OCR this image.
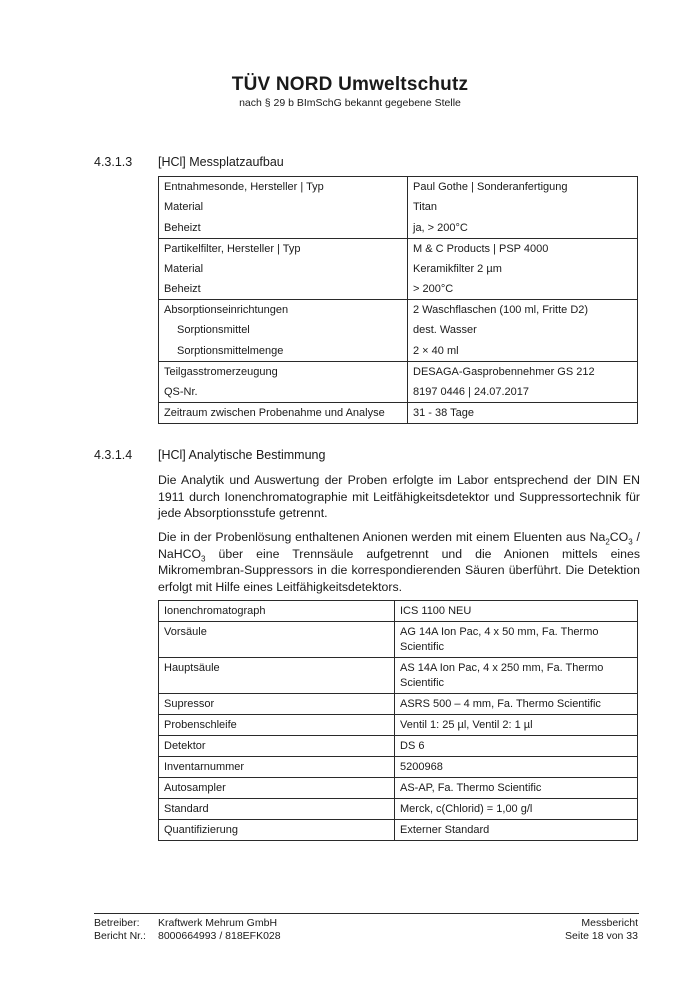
TÜV NORD Umweltschutz
nach § 29 b BImSchG bekannt gegebene Stelle
4.3.1.3 [HCl] Messplatzaufbau
Entnahmesonde, Hersteller | Typ	Paul Gothe | Sonderanfertigung
Material	Titan
Beheizt	ja, > 200°C
Partikelfilter, Hersteller | Typ	M & C Products | PSP 4000
Material	Keramikfilter 2 µm
Beheizt	> 200°C
Absorptionseinrichtungen	2 Waschflaschen (100 ml, Fritte D2)
Sorptionsmittel	dest. Wasser
Sorptionsmittelmenge	2 × 40 ml
Teilgasstromerzeugung	DESAGA-Gasprobennehmer GS 212
QS-Nr.	8197 0446 | 24.07.2017
Zeitraum zwischen Probenahme und Analyse	31 - 38 Tage
4.3.1.4 [HCl] Analytische Bestimmung
Die Analytik und Auswertung der Proben erfolgte im Labor entsprechend der DIN EN 1911 durch Ionenchromatographie mit Leitfähigkeitsdetektor und Suppressortechnik für jede Absorptionsstufe getrennt.
Die in der Probenlösung enthaltenen Anionen werden mit einem Eluenten aus $Na_2CO_3$ / NaHCO$_3$ über eine Trennsäule aufgetrennt und die Anionen mittels eines Mikromembran-Suppressors in die korrespondierenden Säuren überführt. Die Detektion erfolgt mit Hilfe eines Leitfähigkeitsdetektors.
Ionenchromatograph	ICS 1100 NEU
Vorsäule	AG 14A Ion Pac, 4 x 50 mm, Fa. Thermo Scientific
Hauptsäule	AS 14A Ion Pac, 4 x 250 mm, Fa. Thermo Scientific
Supressor	ASRS 500 – 4 mm, Fa. Thermo Scientific
Probenschleife	Ventil 1: 25 µl, Ventil 2: 1 µl
Detektor	DS 6
Inventarnummer	5200968
Autosampler	AS-AP, Fa. Thermo Scientific
Standard	Merck, c(Chlorid) = 1,00 g/l
Quantifizierung	Externer Standard
Betreiber: Kraftwerk Mehrum GmbH
Bericht Nr.: 8000664993 / 818EFK028
Messbericht
Seite 18 von 33
